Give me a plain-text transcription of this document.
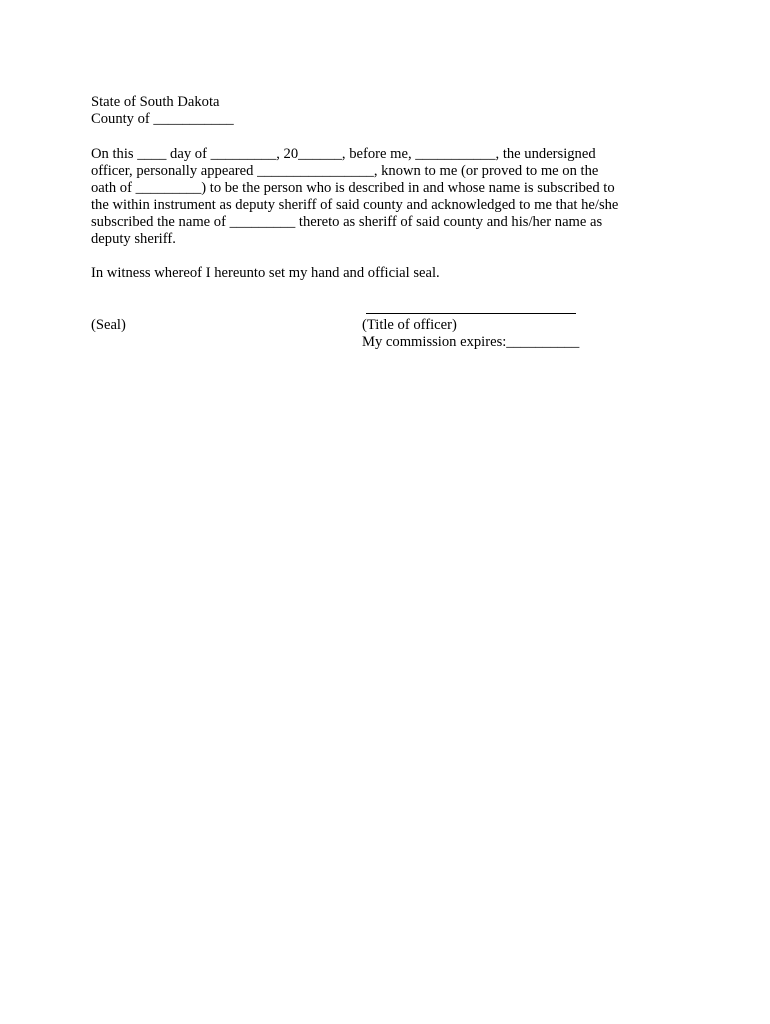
State of South Dakota

County of ___________

On this ____ day of _________, 20______, before me, ___________, the undersigned

officer, personally appeared ________________, known to me (or proved to me on the

oath of _________) to be the person who is described in and whose name is subscribed to

the within instrument as deputy sheriff of said county and acknowledged to me that he/she

subscribed the name of _________ thereto as sheriff of said county and his/her name as

deputy sheriff.

In witness whereof I hereunto set my hand and official seal.

(Seal)	(Title of officer)

My commission expires:__________
